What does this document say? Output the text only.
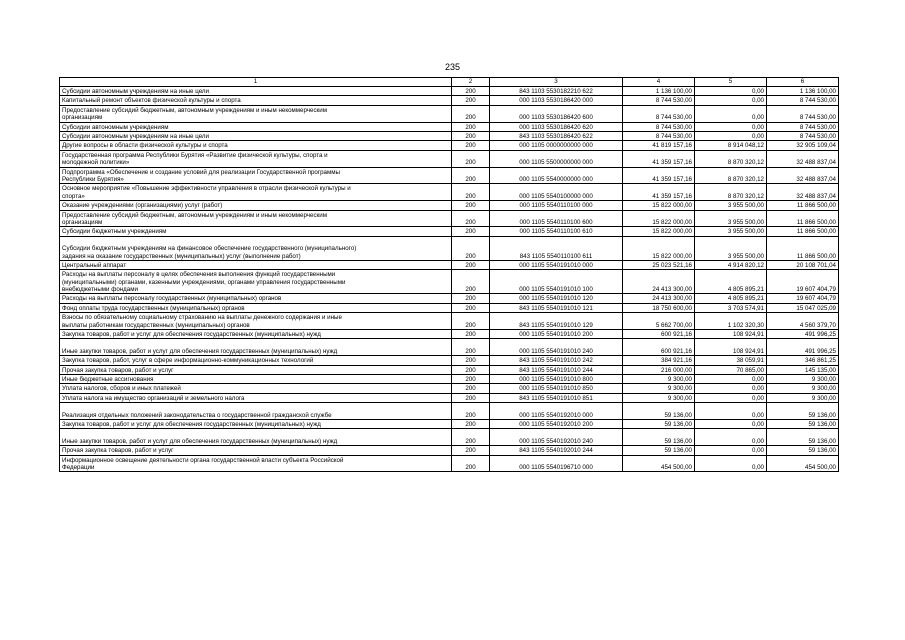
235
1	2	3	4	5	6
Субсидии автономным учреждениям на иные цели	200	843 1103 5530182210 622	1 136 100,00	0,00	1 136 100,00
Капитальный ремонт объектов физической культуры и спорта	200	000 1103 5530186420 000	8 744 530,00	0,00	8 744 530,00
Предоставление субсидий бюджетным, автономным учреждениям и иным некоммерческим
организациям	200	000 1103 5530186420 600	8 744 530,00	0,00	8 744 530,00
Субсидии автономным учреждениям	200	000 1103 5530186420 620	8 744 530,00	0,00	8 744 530,00
Субсидии автономным учреждениям на иные цели	200	843 1103 5530186420 622	8 744 530,00	0,00	8 744 530,00
Другие вопросы в области физической культуры и спорта	200	000 1105 0000000000 000	41 819 157,16	8 914 048,12	32 905 109,04
Государственная программа Республики Бурятия «Развитие физической культуры, спорта и
молодежной политики»	200	000 1105 5500000000 000	41 359 157,16	8 870 320,12	32 488 837,04
Подпрограмма «Обеспечение и создание условий для реализации Государственной программы
Республики Бурятия»	200	000 1105 5540000000 000	41 359 157,16	8 870 320,12	32 488 837,04
Основное мероприятие «Повышение эффективности управления в отрасли физической культуры и
спорта»	200	000 1105 5540100000 000	41 359 157,16	8 870 320,12	32 488 837,04
Оказание учреждениями (организациями) услуг (работ)	200	000 1105 5540110100 000	15 822 000,00	3 955 500,00	11 866 500,00
Предоставление субсидий бюджетным, автономным учреждениям и иным некоммерческим
организациям	200	000 1105 5540110100 600	15 822 000,00	3 955 500,00	11 866 500,00
Субсидии бюджетным учреждениям	200	000 1105 5540110100 610	15 822 000,00	3 955 500,00	11 866 500,00
Субсидии бюджетным учреждениям на финансовое обеспечение государственного (муниципального)
задания на оказание государственных (муниципальных) услуг (выполнение работ)	200	843 1105 5540110100 611	15 822 000,00	3 955 500,00	11 866 500,00
Центральный аппарат	200	000 1105 5540191010 000	25 023 521,16	4 914 820,12	20 108 701,04
Расходы на выплаты персоналу в целях обеспечения выполнения функций государственными
(муниципальными) органами, казенными учреждениями, органами управления государственными
внебюджетными фондами	200	000 1105 5540191010 100	24 413 300,00	4 805 895,21	19 607 404,79
Расходы на выплаты персоналу государственных (муниципальных) органов	200	000 1105 5540191010 120	24 413 300,00	4 805 895,21	19 607 404,79
Фонд оплаты труда государственных (муниципальных) органов	200	843 1105 5540191010 121	18 750 600,00	3 703 574,91	15 047 025,09
Взносы по обязательному социальному страхованию на выплаты денежного содержания и иные
выплаты работникам государственных (муниципальных) органов	200	843 1105 5540191010 129	5 662 700,00	1 102 320,30	4 560 379,70
Закупка товаров, работ и услуг для обеспечения государственных (муниципальных) нужд	200	000 1105 5540191010 200	600 921,16	108 924,91	491 996,25
Иные закупки товаров, работ и услуг для обеспечения государственных (муниципальных) нужд	200	000 1105 5540191010 240	600 921,16	108 924,91	491 996,25
Закупка товаров, работ, услуг в сфере информационно-коммуникационных технологий	200	843 1105 5540191010 242	384 921,16	38 059,91	346 861,25
Прочая закупка товаров, работ и услуг	200	843 1105 5540191010 244	216 000,00	70 865,00	145 135,00
Иные бюджетные ассигнования	200	000 1105 5540191010 800	9 300,00	0,00	9 300,00
Уплата налогов, сборов и иных платежей	200	000 1105 5540191010 850	9 300,00	0,00	9 300,00
Уплата налога на имущество организаций и земельного налога	200	843 1105 5540191010 851	9 300,00	0,00	9 300,00
Реализация отдельных положений законодательства о государственной гражданской службе	200	000 1105 5540192010 000	59 136,00	0,00	59 136,00
Закупка товаров, работ и услуг для обеспечения государственных (муниципальных) нужд	200	000 1105 5540192010 200	59 136,00	0,00	59 136,00
Иные закупки товаров, работ и услуг для обеспечения государственных (муниципальных) нужд	200	000 1105 5540192010 240	59 136,00	0,00	59 136,00
Прочая закупка товаров, работ и услуг	200	843 1105 5540192010 244	59 136,00	0,00	59 136,00
Информационное освещение деятельности органа государственной власти субъекта Российской
Федерации	200	000 1105 5540196710 000	454 500,00	0,00	454 500,00
